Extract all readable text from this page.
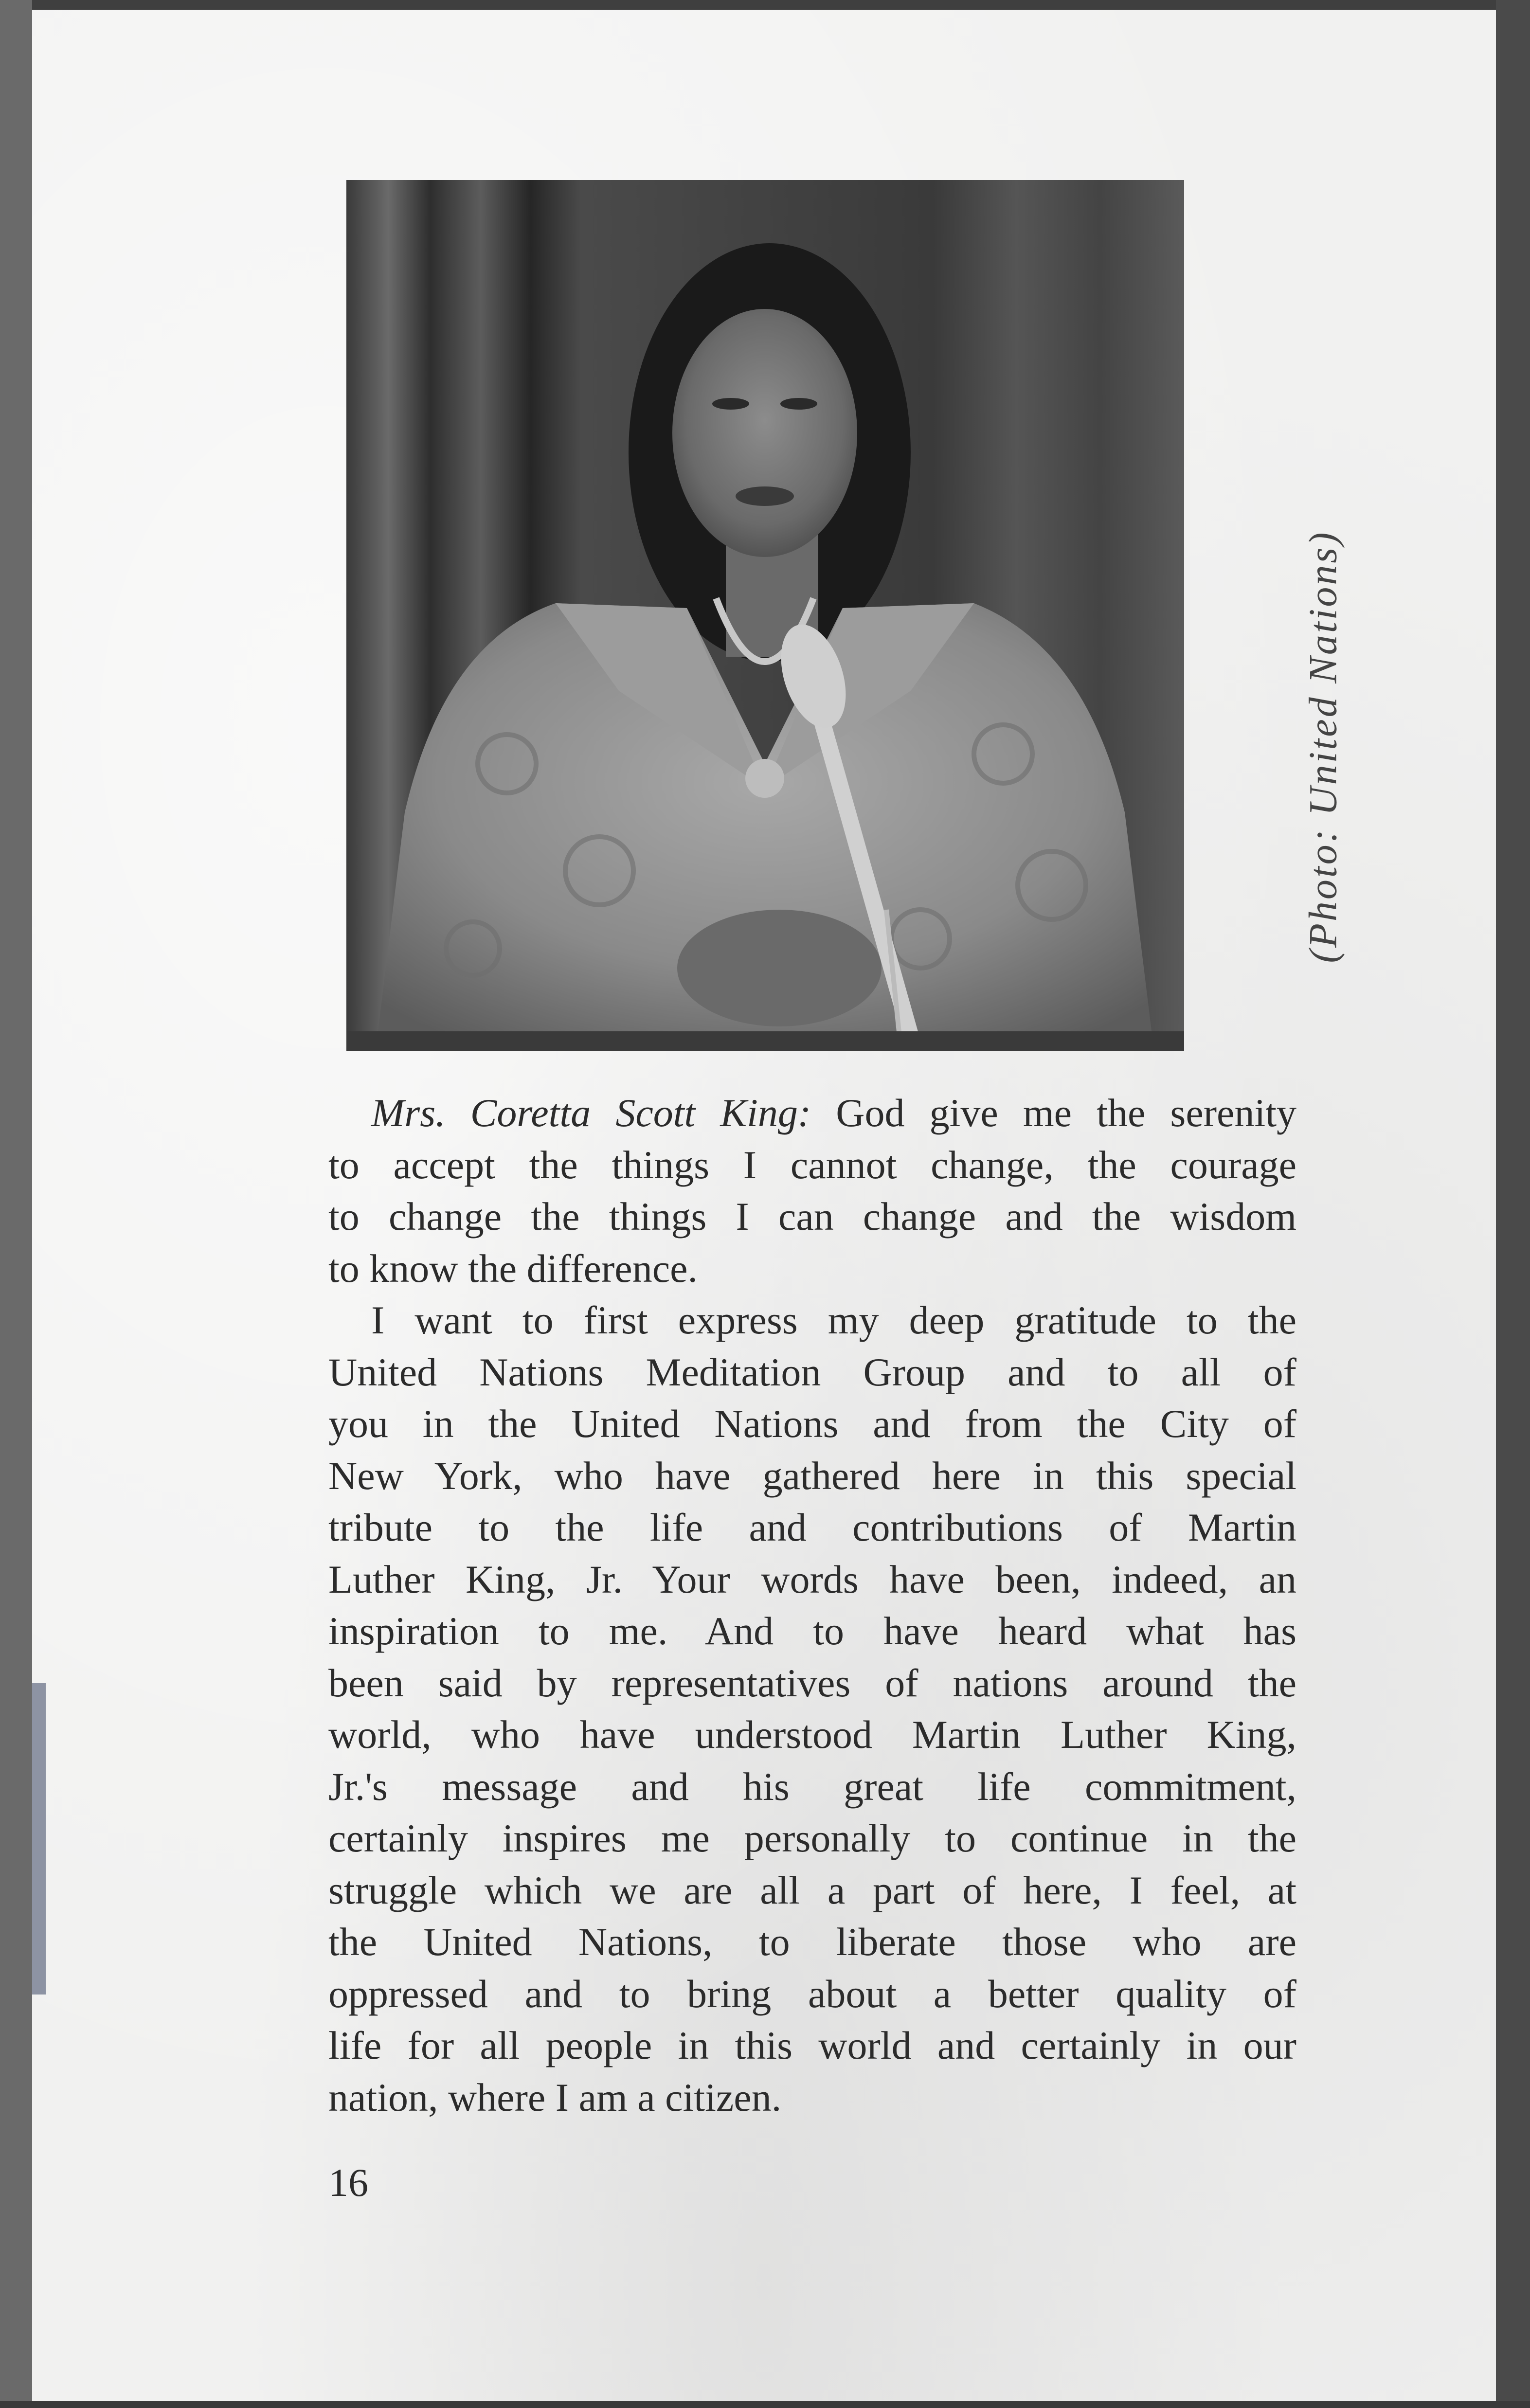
(Photo: United Nations)
Mrs. Coretta Scott King: God give me the serenity
to accept the things I cannot change, the courage
to change the things I can change and the wisdom
to know the difference.
I want to first express my deep gratitude to the
United Nations Meditation Group and to all of
you in the United Nations and from the City of
New York, who have gathered here in this special
tribute to the life and contributions of Martin
Luther King, Jr. Your words have been, indeed, an
inspiration to me. And to have heard what has
been said by representatives of nations around the
world, who have understood Martin Luther King,
Jr.'s message and his great life commitment,
certainly inspires me personally to continue in the
struggle which we are all a part of here, I feel, at
the United Nations, to liberate those who are
oppressed and to bring about a better quality of
life for all people in this world and certainly in our
nation, where I am a citizen.
16
